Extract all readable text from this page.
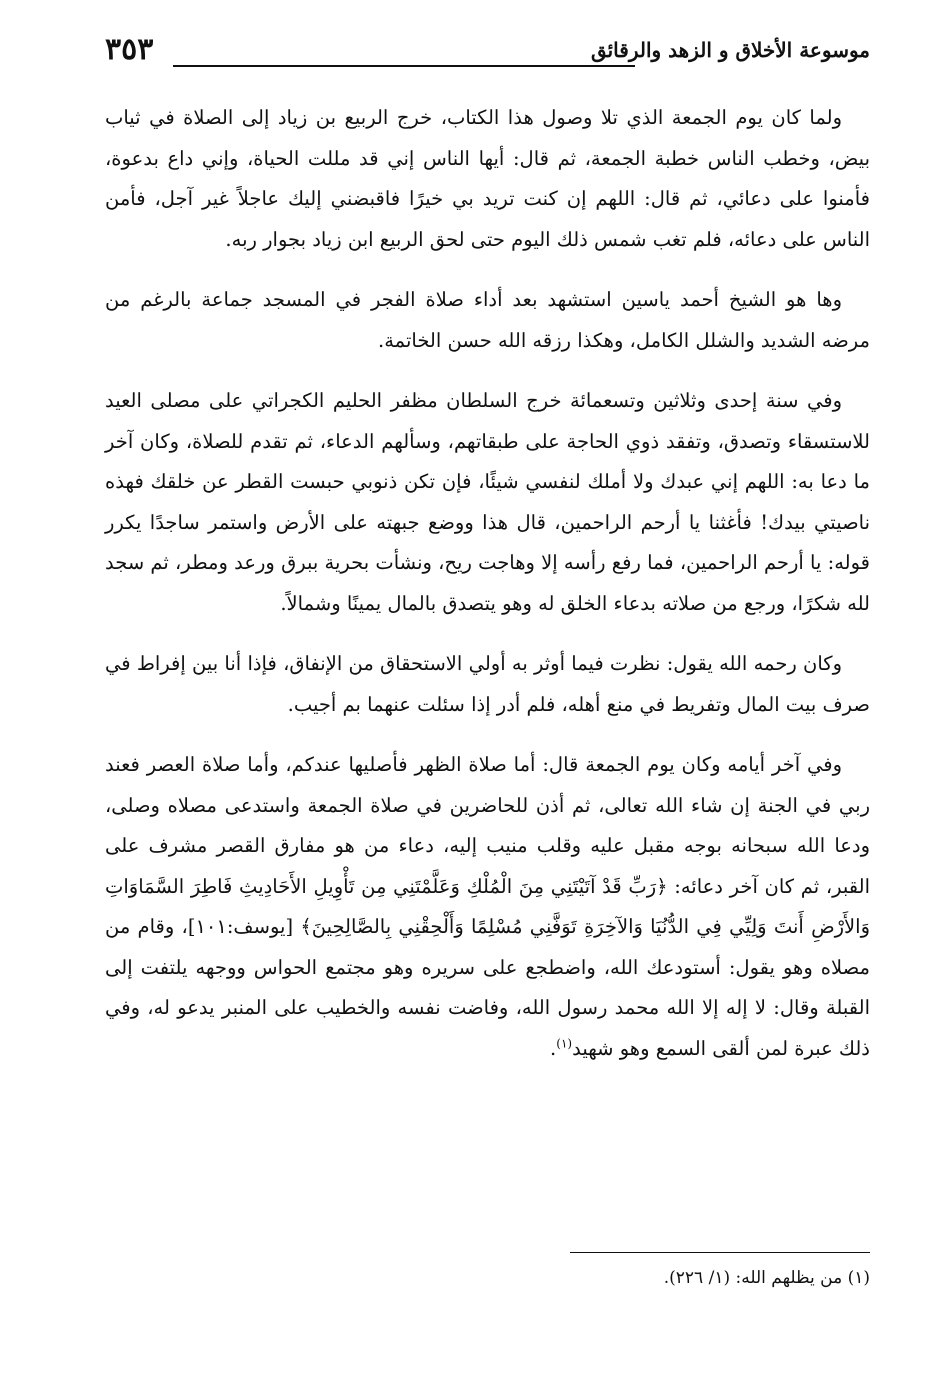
موسوعة الأخلاق و الزهد والرقائق
٣٥٣

ولما كان يوم الجمعة الذي تلا وصول هذا الكتاب، خرج الربيع بن زياد إلى الصلاة في ثياب بيض، وخطب الناس خطبة الجمعة، ثم قال: أيها الناس إني قد مللت الحياة، وإني داع بدعوة، فأمنوا على دعائي، ثم قال: اللهم إن كنت تريد بي خيرًا فاقبضني إليك عاجلاً غير آجل، فأمن الناس على دعائه، فلم تغب شمس ذلك اليوم حتى لحق الربيع ابن زياد بجوار ربه.

وها هو الشيخ أحمد ياسين استشهد بعد أداء صلاة الفجر في المسجد جماعة بالرغم من مرضه الشديد والشلل الكامل، وهكذا رزقه الله حسن الخاتمة.

وفي سنة إحدى وثلاثين وتسعمائة خرج السلطان مظفر الحليم الكجراتي على مصلى العيد للاستسقاء وتصدق، وتفقد ذوي الحاجة على طبقاتهم، وسألهم الدعاء، ثم تقدم للصلاة، وكان آخر ما دعا به: اللهم إني عبدك ولا أملك لنفسي شيئًا، فإن تكن ذنوبي حبست القطر عن خلقك فهذه ناصيتي بيدك! فأغثنا يا أرحم الراحمين، قال هذا ووضع جبهته على الأرض واستمر ساجدًا يكرر قوله: يا أرحم الراحمين، فما رفع رأسه إلا وهاجت ريح، ونشأت بحرية ببرق ورعد ومطر، ثم سجد لله شكرًا، ورجع من صلاته بدعاء الخلق له وهو يتصدق بالمال يمينًا وشمالاً.

وكان رحمه الله يقول: نظرت فيما أوثر به أولي الاستحقاق من الإنفاق، فإذا أنا بين إفراط في صرف بيت المال وتفريط في منع أهله، فلم أدر إذا سئلت عنهما بم أجيب.

وفي آخر أيامه وكان يوم الجمعة قال: أما صلاة الظهر فأصليها عندكم، وأما صلاة العصر فعند ربي في الجنة إن شاء الله تعالى، ثم أذن للحاضرين في صلاة الجمعة واستدعى مصلاه وصلى، ودعا الله سبحانه بوجه مقبل عليه وقلب منيب إليه، دعاء من هو مفارق القصر مشرف على القبر، ثم كان آخر دعائه: ﴿رَبِّ قَدْ آتَيْتَنِي مِنَ الْمُلْكِ وَعَلَّمْتَنِي مِن تَأْوِيلِ الأَحَادِيثِ فَاطِرَ السَّمَاوَاتِ وَالأَرْضِ أَنتَ وَلِيِّي فِي الدُّنُيَا وَالآخِرَةِ تَوَفَّنِي مُسْلِمًا وَأَلْحِقْنِي بِالصَّالِحِينَ﴾ [يوسف:١٠١]، وقام من مصلاه وهو يقول: أستودعك الله، واضطجع على سريره وهو مجتمع الحواس ووجهه يلتفت إلى القبلة وقال: لا إله إلا الله محمد رسول الله، وفاضت نفسه والخطيب على المنبر يدعو له، وفي ذلك عبرة لمن ألقى السمع وهو شهيد$^{(١)}$.

(١) من يظلهم الله: (١/ ٢٢٦).
